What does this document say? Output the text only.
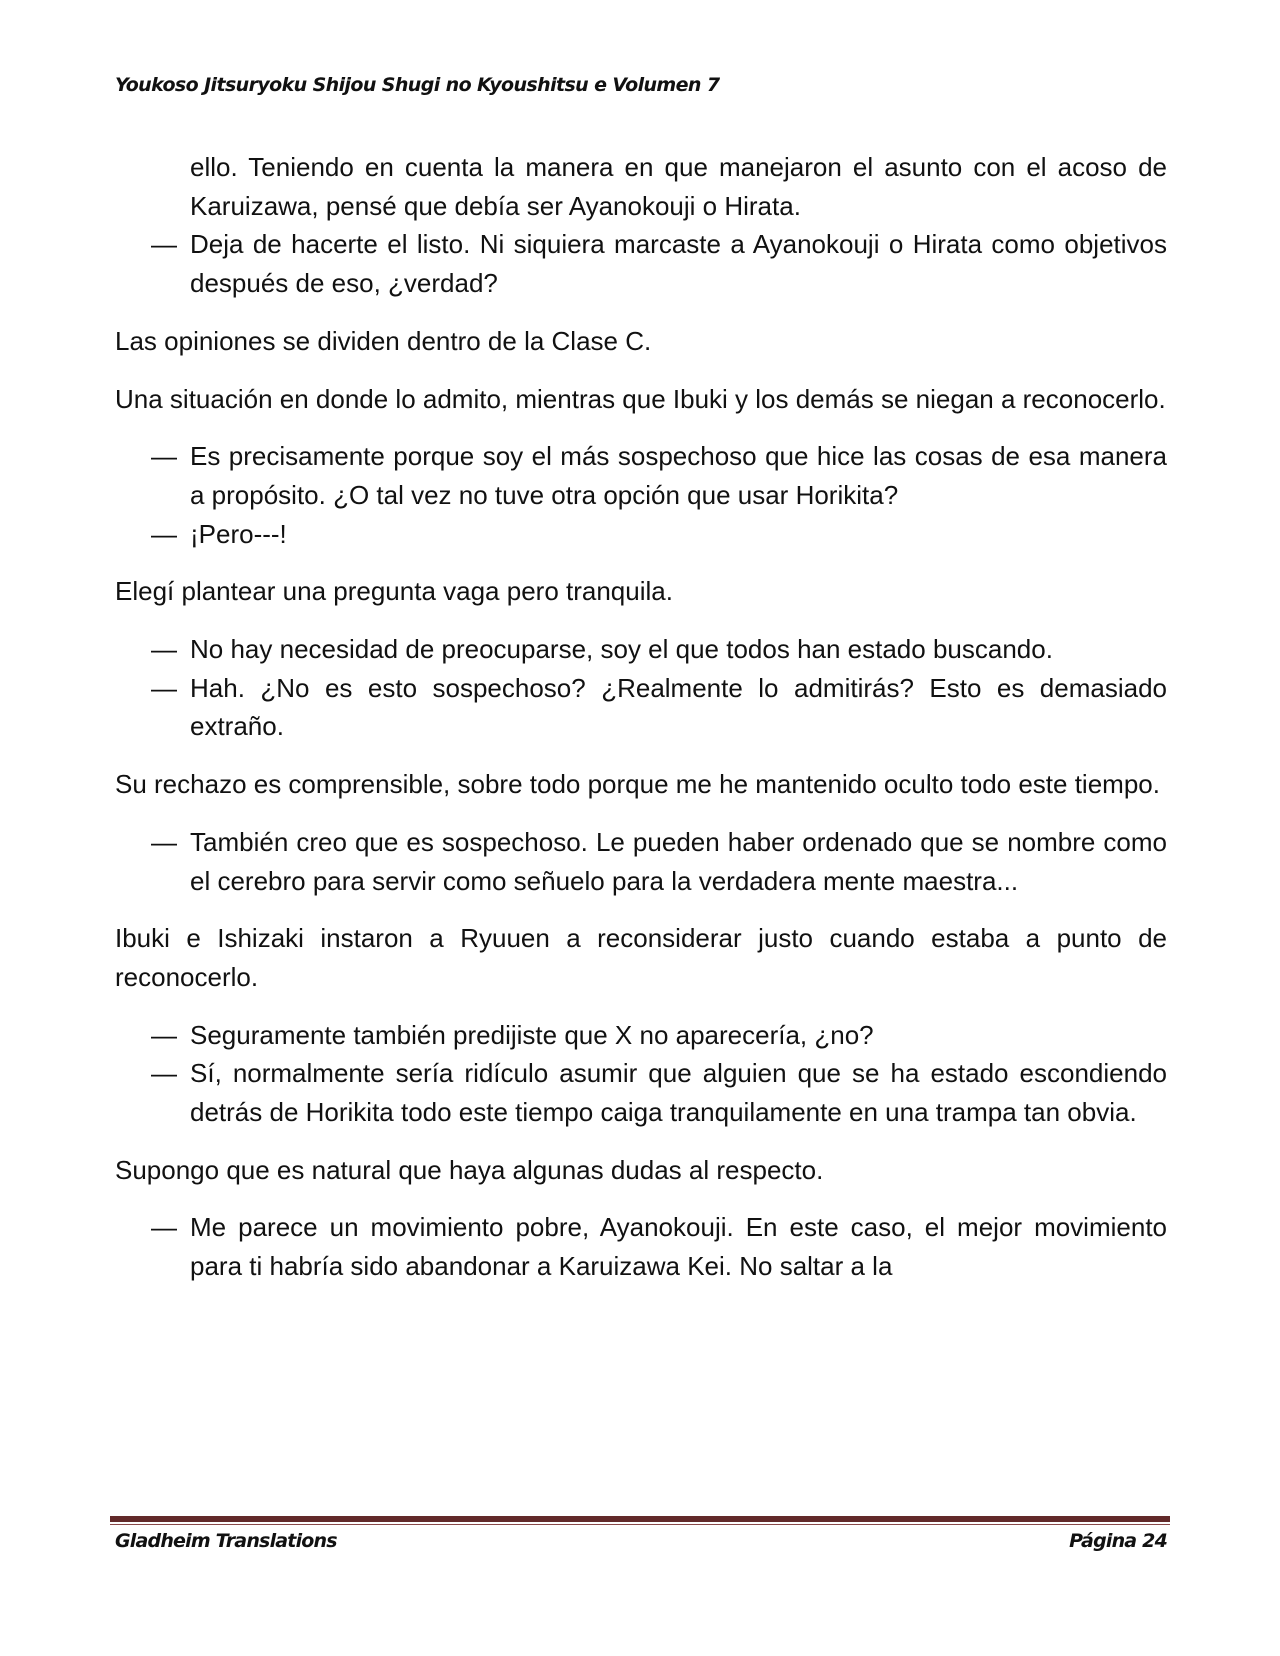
Youkoso Jitsuryoku Shijou Shugi no Kyoushitsu e Volumen 7

ello. Teniendo en cuenta la manera en que manejaron el asunto con el acoso de Karuizawa, pensé que debía ser Ayanokouji o Hirata.

— Deja de hacerte el listo. Ni siquiera marcaste a Ayanokouji o Hirata como objetivos después de eso, ¿verdad?

Las opiniones se dividen dentro de la Clase C.

Una situación en donde lo admito, mientras que Ibuki y los demás se niegan a reconocerlo.

— Es precisamente porque soy el más sospechoso que hice las cosas de esa manera a propósito. ¿O tal vez no tuve otra opción que usar Horikita?

— ¡Pero---!

Elegí plantear una pregunta vaga pero tranquila.

— No hay necesidad de preocuparse, soy el que todos han estado buscando.

— Hah. ¿No es esto sospechoso? ¿Realmente lo admitirás? Esto es demasiado extraño.

Su rechazo es comprensible, sobre todo porque me he mantenido oculto todo este tiempo.

— También creo que es sospechoso. Le pueden haber ordenado que se nombre como el cerebro para servir como señuelo para la verdadera mente maestra...

Ibuki e Ishizaki instaron a Ryuuen a reconsiderar justo cuando estaba a punto de reconocerlo.

— Seguramente también predijiste que X no aparecería, ¿no?

— Sí, normalmente sería ridículo asumir que alguien que se ha estado escondiendo detrás de Horikita todo este tiempo caiga tranquilamente en una trampa tan obvia.

Supongo que es natural que haya algunas dudas al respecto.

— Me parece un movimiento pobre, Ayanokouji. En este caso, el mejor movimiento para ti habría sido abandonar a Karuizawa Kei. No saltar a la

Gladheim Translations	Página 24
